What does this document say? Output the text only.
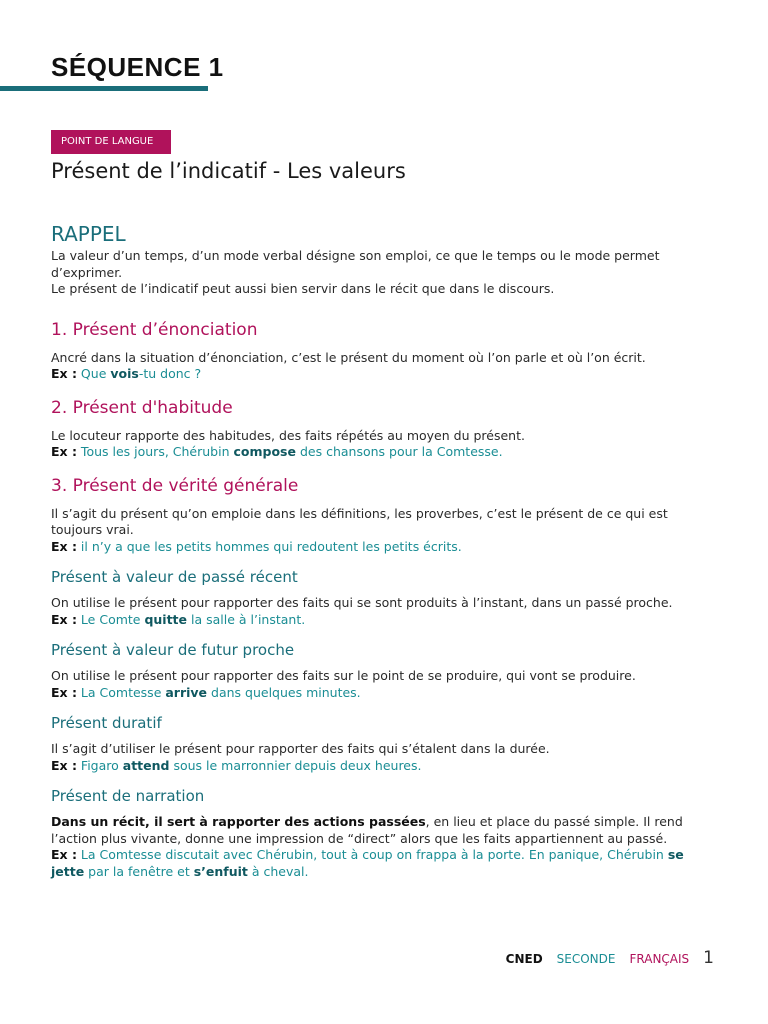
SÉQUENCE 1
POINT DE LANGUE
Présent de l’indicatif - Les valeurs
RAPPEL

La valeur d’un temps, d’un mode verbal désigne son emploi, ce que le temps ou le mode permet d’exprimer.

Le présent de l’indicatif peut aussi bien servir dans le récit que dans le discours.

1. Présent d’énonciation

Ancré dans la situation d’énonciation, c’est le présent du moment où l’on parle et où l’on écrit.

Ex : Que vois-tu donc ?

2. Présent d'habitude

Le locuteur rapporte des habitudes, des faits répétés au moyen du présent.

Ex : Tous les jours, Chérubin compose des chansons pour la Comtesse.

3. Présent de vérité générale

Il s’agit du présent qu’on emploie dans les définitions, les proverbes, c’est le présent de ce qui est toujours vrai.

Ex : il n’y a que les petits hommes qui redoutent les petits écrits.

Présent à valeur de passé récent

On utilise le présent pour rapporter des faits qui se sont produits à l’instant, dans un passé proche.

Ex : Le Comte quitte la salle à l’instant.

Présent à valeur de futur proche

On utilise le présent pour rapporter des faits sur le point de se produire, qui vont se produire.

Ex : La Comtesse arrive dans quelques minutes.

Présent duratif

Il s’agit d’utiliser le présent pour rapporter des faits qui s’étalent dans la durée.

Ex : Figaro attend sous le marronnier depuis deux heures.

Présent de narration

Dans un récit, il sert à rapporter des actions passées, en lieu et place du passé simple. Il rend l’action plus vivante, donne une impression de “direct” alors que les faits appartiennent au passé.

Ex : La Comtesse discutait avec Chérubin, tout à coup on frappa à la porte. En panique, Chérubin se jette par la fenêtre et s’enfuit à cheval.

CNED SECONDE FRANÇAIS 1
